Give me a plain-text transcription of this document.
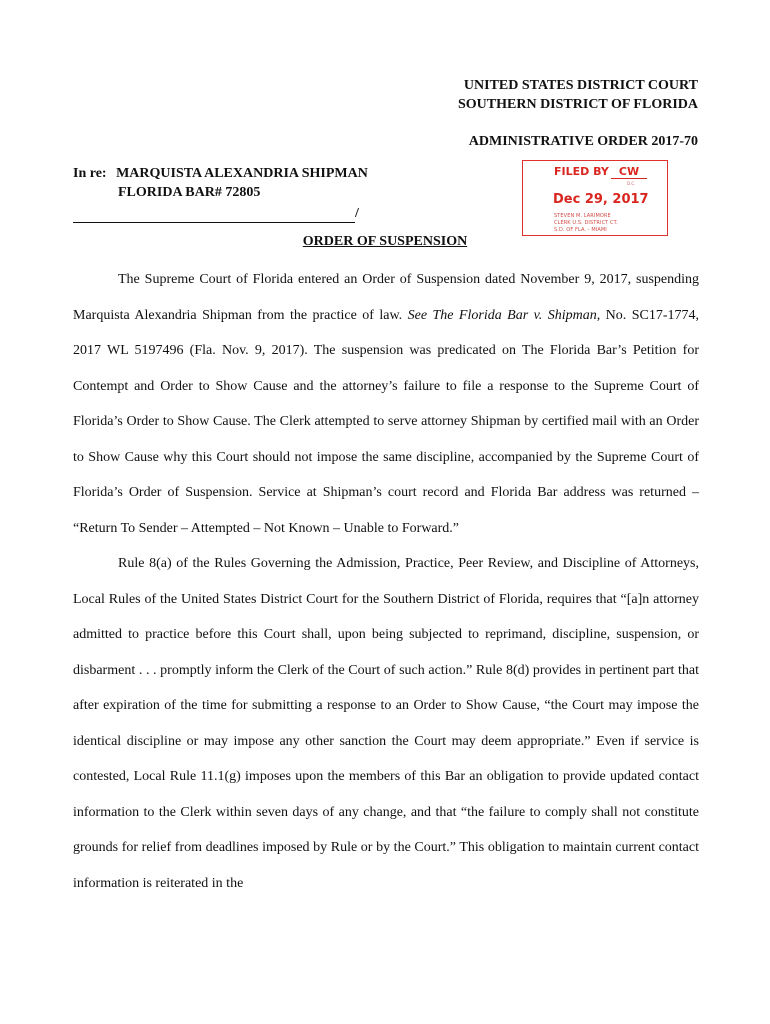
UNITED STATES DISTRICT COURT
SOUTHERN DISTRICT OF FLORIDA
ADMINISTRATIVE ORDER 2017-70
In re: MARQUISTA ALEXANDRIA SHIPMAN
FLORIDA BAR# 72805
/
FILED BY CW
D.C.
Dec 29, 2017
STEVEN M. LARIMORE
CLERK U.S. DISTRICT CT.
S.D. OF FLA. - MIAMI
ORDER OF SUSPENSION

The Supreme Court of Florida entered an Order of Suspension dated November 9, 2017, suspending Marquista Alexandria Shipman from the practice of law. See The Florida Bar v. Shipman, No. SC17-1774, 2017 WL 5197496 (Fla. Nov. 9, 2017). The suspension was predicated on The Florida Bar’s Petition for Contempt and Order to Show Cause and the attorney’s failure to file a response to the Supreme Court of Florida’s Order to Show Cause. The Clerk attempted to serve attorney Shipman by certified mail with an Order to Show Cause why this Court should not impose the same discipline, accompanied by the Supreme Court of Florida’s Order of Suspension. Service at Shipman’s court record and Florida Bar address was returned – “Return To Sender – Attempted – Not Known – Unable to Forward.”

Rule 8(a) of the Rules Governing the Admission, Practice, Peer Review, and Discipline of Attorneys, Local Rules of the United States District Court for the Southern District of Florida, requires that “[a]n attorney admitted to practice before this Court shall, upon being subjected to reprimand, discipline, suspension, or disbarment . . . promptly inform the Clerk of the Court of such action.” Rule 8(d) provides in pertinent part that after expiration of the time for submitting a response to an Order to Show Cause, “the Court may impose the identical discipline or may impose any other sanction the Court may deem appropriate.” Even if service is contested, Local Rule 11.1(g) imposes upon the members of this Bar an obligation to provide updated contact information to the Clerk within seven days of any change, and that “the failure to comply shall not constitute grounds for relief from deadlines imposed by Rule or by the Court.” This obligation to maintain current contact information is reiterated in the
